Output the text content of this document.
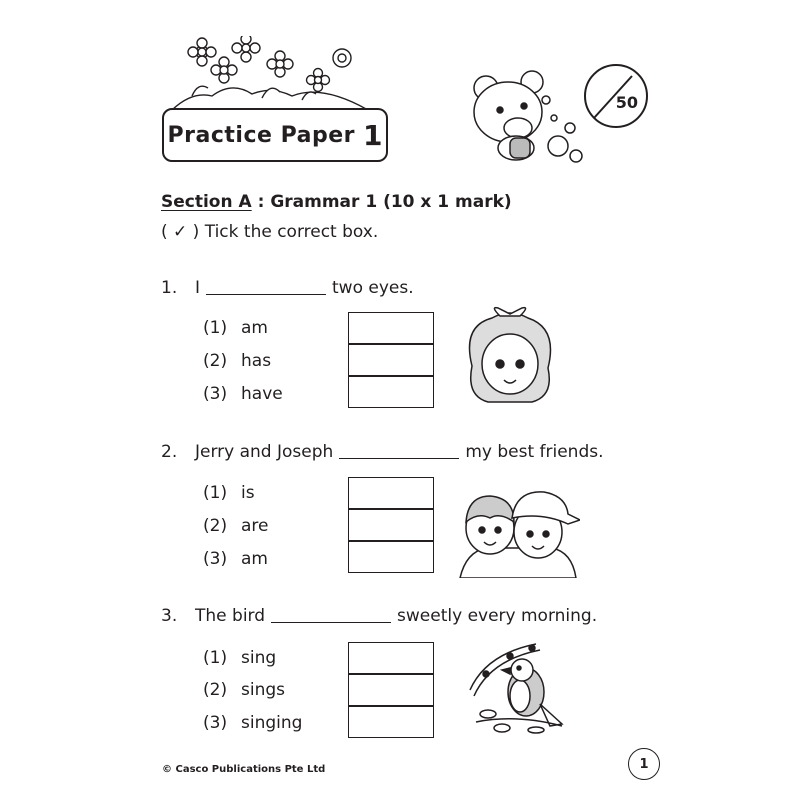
Practice Paper 1
50
Section A : Grammar 1 (10 x 1 mark)
( ✓ ) Tick the correct box.
1. I	two eyes.
(1) am
(2) has
(3) have
2. Jerry and Joseph	my best friends.
(1) is
(2) are
(3) am
3. The bird	sweetly every morning.
(1) sing
(2) sings
(3) singing
© Casco Publications Pte Ltd	1
